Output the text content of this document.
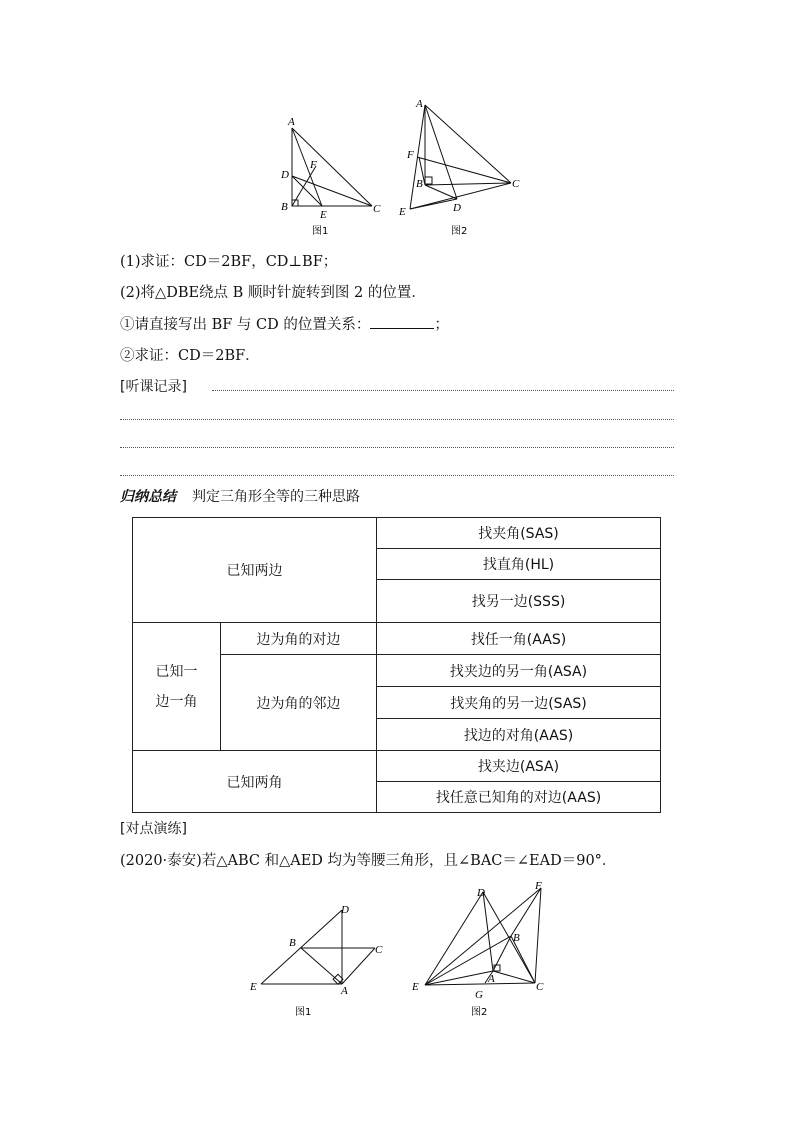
A
F
D
B
E	C
图1
A
F
B
E	D
C
图2
(1)求证：CD＝2BF，CD⊥BF；
(2)将△DBE绕点 B 顺时针旋转到图 2 的位置．
①请直接写出 BF 与 CD 的位置关系：	；
②求证：CD＝2BF．
[听课记录]
归纳总结 判定三角形全等的三种思路
已知两边		找夹角(SAS)
		找直角(HL)
		找另一边(SSS)

已知一
边一角	边为角的对边	找任一角(AAS)
	边为角的邻边	找夹边的另一角(ASA)
		找夹角的另一边(SAS)
		找边的对角(AAS)
已知两角		找夹边(ASA)
		找任意已知角的对边(AAS)
[对点演练]
(2020·泰安)若△ABC 和△AED 均为等腰三角形，且∠BAC＝∠EAD＝90°．
D
B
C
E	A
图1
D
F
B
A
E
G
C
图2
